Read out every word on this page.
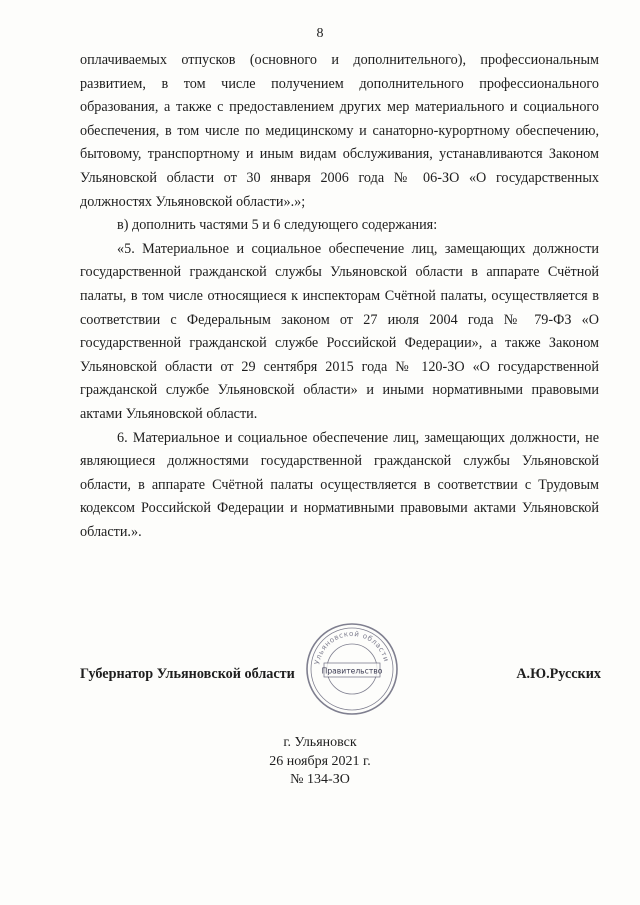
8

оплачиваемых отпусков (основного и дополнительного), профессиональным развитием, в том числе получением дополнительного профессионального образования, а также с предоставлением других мер материального и социального обеспечения, в том числе по медицинскому и санаторно-курортному обеспечению, бытовому, транспортному и иным видам обслуживания, устанавливаются Законом Ульяновской области от 30 января 2006 года № 06-ЗО «О государственных должностях Ульяновской области».»;

в) дополнить частями 5 и 6 следующего содержания:

«5. Материальное и социальное обеспечение лиц, замещающих должности государственной гражданской службы Ульяновской области в аппарате Счётной палаты, в том числе относящиеся к инспекторам Счётной палаты, осуществляется в соответствии с Федеральным законом от 27 июля 2004 года № 79-ФЗ «О государственной гражданской службе Российской Федерации», а также Законом Ульяновской области от 29 сентября 2015 года № 120-ЗО «О государственной гражданской службе Ульяновской области» и иными нормативными правовыми актами Ульяновской области.

6. Материальное и социальное обеспечение лиц, замещающих должности, не являющиеся должностями государственной гражданской службы Ульяновской области, в аппарате Счётной палаты осуществляется в соответствии с Трудовым кодексом Российской Федерации и нормативными правовыми актами Ульяновской области.».

Губернатор Ульяновской области	А.Ю.Русских
Ульяновской области
Правительство
г. Ульяновск
26 ноября 2021 г.
№ 134-ЗО
